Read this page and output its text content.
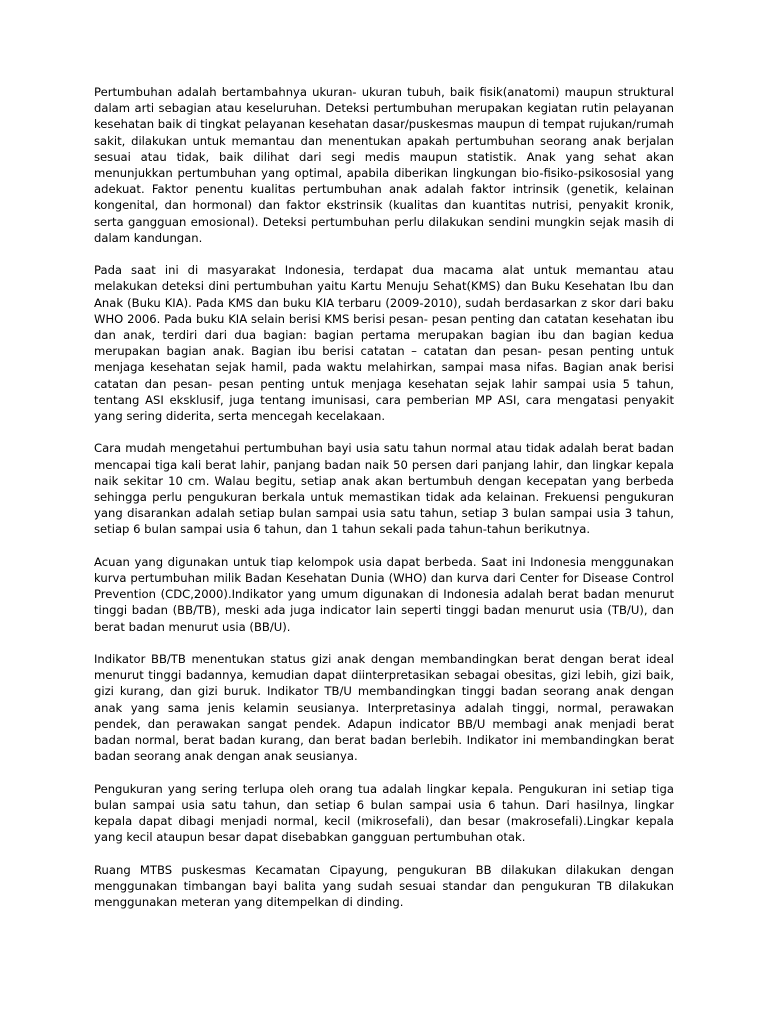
Pertumbuhan adalah bertambahnya ukuran- ukuran tubuh, baik fisik(anatomi) maupun struktural dalam arti sebagian atau keseluruhan. Deteksi pertumbuhan merupakan kegiatan rutin pelayanan kesehatan baik di tingkat pelayanan kesehatan dasar/puskesmas maupun di tempat rujukan/rumah sakit, dilakukan untuk memantau dan menentukan apakah pertumbuhan seorang anak berjalan sesuai atau tidak, baik dilihat dari segi medis maupun statistik. Anak yang sehat akan menunjukkan pertumbuhan yang optimal, apabila diberikan lingkungan bio-fisiko-psikososial yang adekuat. Faktor penentu kualitas pertumbuhan anak adalah faktor intrinsik (genetik, kelainan kongenital, dan hormonal) dan faktor ekstrinsik (kualitas dan kuantitas nutrisi, penyakit kronik, serta gangguan emosional). Deteksi pertumbuhan perlu dilakukan sendini mungkin sejak masih di dalam kandungan.

Pada saat ini di masyarakat Indonesia, terdapat dua macama alat untuk memantau atau melakukan deteksi dini pertumbuhan yaitu Kartu Menuju Sehat(KMS) dan Buku Kesehatan Ibu dan Anak (Buku KIA). Pada KMS dan buku KIA terbaru (2009-2010), sudah berdasarkan z skor dari baku WHO 2006. Pada buku KIA selain berisi KMS berisi pesan- pesan penting dan catatan kesehatan ibu dan anak, terdiri dari dua bagian: bagian pertama merupakan bagian ibu dan bagian kedua merupakan bagian anak. Bagian ibu berisi catatan – catatan dan pesan- pesan penting untuk menjaga kesehatan sejak hamil, pada waktu melahirkan, sampai masa nifas. Bagian anak berisi catatan dan pesan- pesan penting untuk menjaga kesehatan sejak lahir sampai usia 5 tahun, tentang ASI eksklusif, juga tentang imunisasi, cara pemberian MP ASI, cara mengatasi penyakit yang sering diderita, serta mencegah kecelakaan.

Cara mudah mengetahui pertumbuhan bayi usia satu tahun normal atau tidak adalah berat badan mencapai tiga kali berat lahir, panjang badan naik 50 persen dari panjang lahir, dan lingkar kepala naik sekitar 10 cm. Walau begitu, setiap anak akan bertumbuh dengan kecepatan yang berbeda sehingga perlu pengukuran berkala untuk memastikan tidak ada kelainan. Frekuensi pengukuran yang disarankan adalah setiap bulan sampai usia satu tahun, setiap 3 bulan sampai usia 3 tahun, setiap 6 bulan sampai usia 6 tahun, dan 1 tahun sekali pada tahun-tahun berikutnya.

Acuan yang digunakan untuk tiap kelompok usia dapat berbeda. Saat ini Indonesia menggunakan kurva pertumbuhan milik Badan Kesehatan Dunia (WHO) dan kurva dari Center for Disease Control Prevention (CDC,2000).Indikator yang umum digunakan di Indonesia adalah berat badan menurut tinggi badan (BB/TB), meski ada juga indicator lain seperti tinggi badan menurut usia (TB/U), dan berat badan menurut usia (BB/U).

Indikator BB/TB menentukan status gizi anak dengan membandingkan berat dengan berat ideal menurut tinggi badannya, kemudian dapat diinterpretasikan sebagai obesitas, gizi lebih, gizi baik, gizi kurang, dan gizi buruk. Indikator TB/U membandingkan tinggi badan seorang anak dengan anak yang sama jenis kelamin seusianya. Interpretasinya adalah tinggi, normal, perawakan pendek, dan perawakan sangat pendek. Adapun indicator BB/U membagi anak menjadi berat badan normal, berat badan kurang, dan berat badan berlebih. Indikator ini membandingkan berat badan seorang anak dengan anak seusianya.

Pengukuran yang sering terlupa oleh orang tua adalah lingkar kepala. Pengukuran ini setiap tiga bulan sampai usia satu tahun, dan setiap 6 bulan sampai usia 6 tahun. Dari hasilnya, lingkar kepala dapat dibagi menjadi normal, kecil (mikrosefali), dan besar (makrosefali).Lingkar kepala yang kecil ataupun besar dapat disebabkan gangguan pertumbuhan otak.

Ruang MTBS puskesmas Kecamatan Cipayung, pengukuran BB dilakukan dilakukan dengan menggunakan timbangan bayi balita yang sudah sesuai standar dan pengukuran TB dilakukan menggunakan meteran yang ditempelkan di dinding.
